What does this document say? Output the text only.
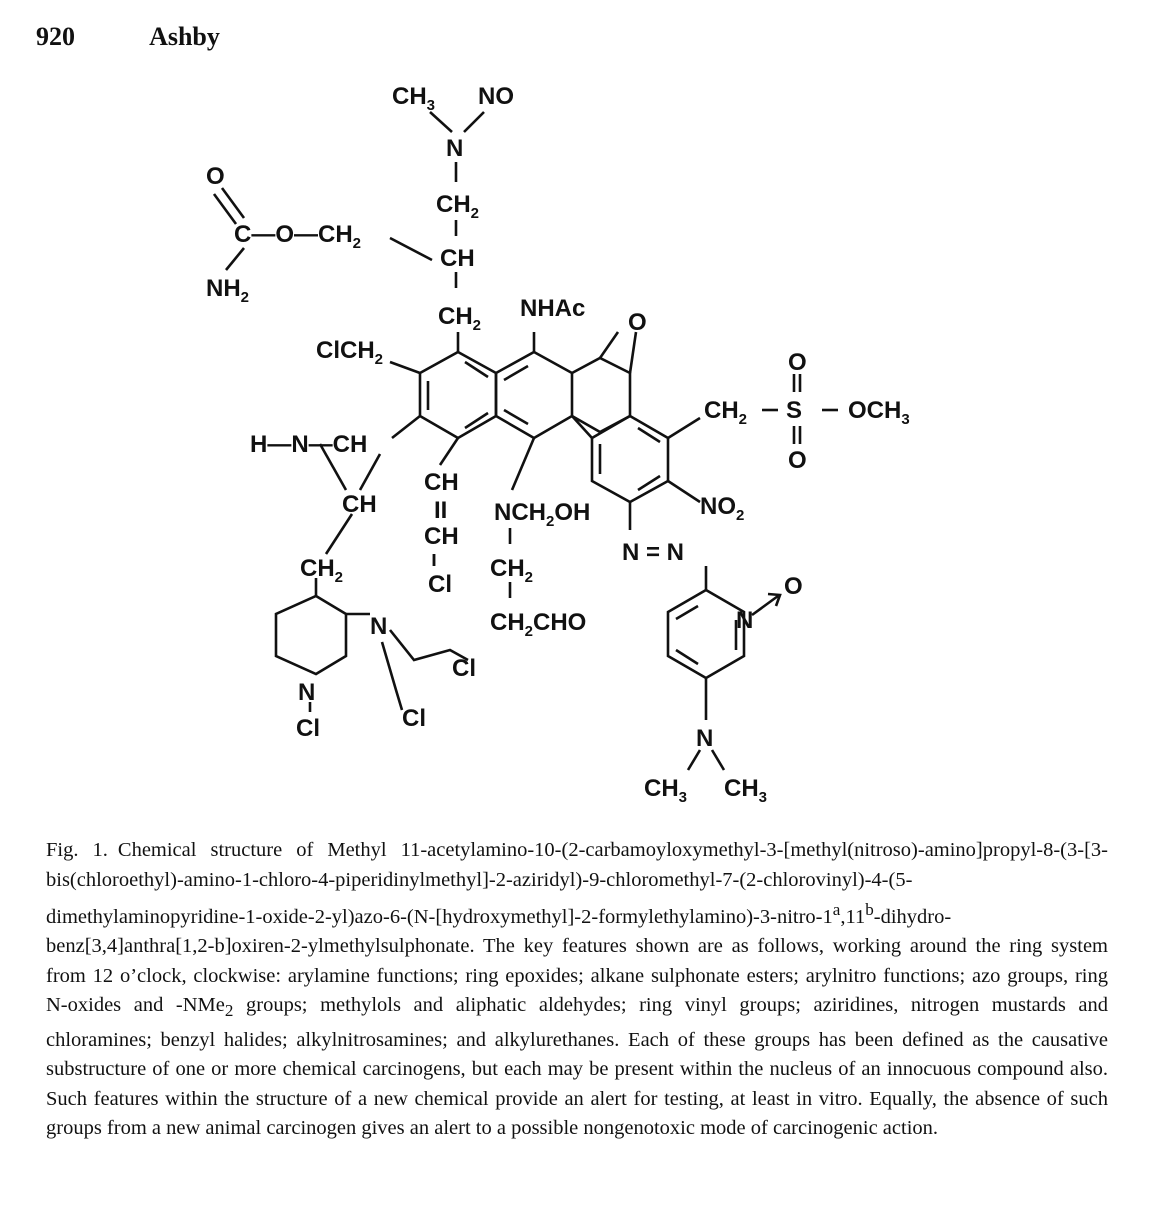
920	Ashby
$CH_3$ NO
N
$CH_2$
CH
$CH_2$
O
$C—O—CH_2$
$NH_2$	NHAc
O
ClCH$_2$
$CH_2$ S $OCH_3$
O
O
H—N—CH
CH
$CH_2$
CH
II
CH
Cl
$NCH_2OH$
$CH_2$
$CH_2CHO$
$NO_2$
N = N
N
O
N
$CH_3$ $CH_3$
N
Cl
Cl
N
Cl
Fig. 1. Chemical structure of Methyl 11-acetylamino-10-(2-carbamoyloxymethyl-3-[methyl(nitroso)-amino]propyl-8-(3-[3-bis(chloroethyl)-amino-1-chloro-4-piperidinylmethyl]-2-aziridyl)-9-chloromethyl-7-(2-chlorovinyl)-4-(5-dimethylaminopyridine-1-oxide-2-yl)azo-6-(N-[hydroxymethyl]-2-formylethylamino)-3-nitro-1$^a$,11$^b$-dihydro-benz[3,4]anthra[1,2-b]oxiren-2-ylmethylsulphonate. The key features shown are as follows, working around the ring system from 12 o’clock, clockwise: arylamine functions; ring epoxides; alkane sulphonate esters; arylnitro functions; azo groups, ring N-oxides and -NMe$_2$ groups; methylols and aliphatic aldehydes; ring vinyl groups; aziridines, nitrogen mustards and chloramines; benzyl halides; alkylnitrosamines; and alkylurethanes. Each of these groups has been defined as the causative substructure of one or more chemical carcinogens, but each may be present within the nucleus of an innocuous compound also. Such features within the structure of a new chemical provide an alert for testing, at least in vitro. Equally, the absence of such groups from a new animal carcinogen gives an alert to a possible nongenotoxic mode of carcinogenic action.
